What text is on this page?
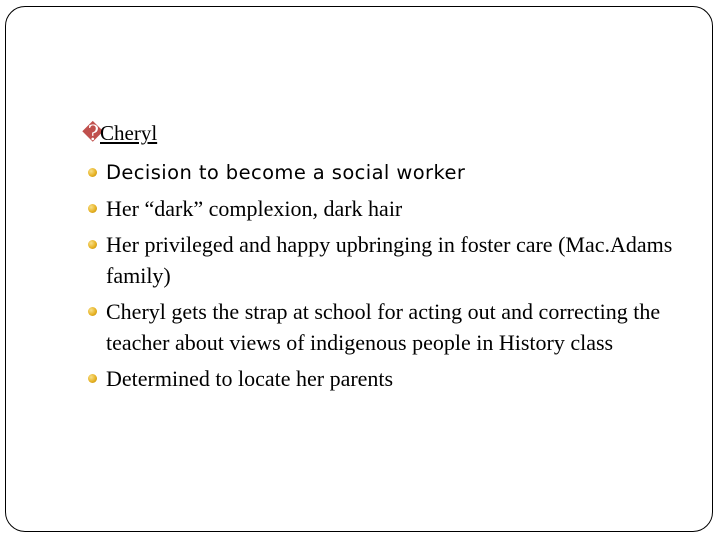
�Cheryl
Decision to become a social worker
Her “dark” complexion, dark hair
Her privileged and happy upbringing in foster care (Mac.Adams family)
Cheryl gets the strap at school for acting out and correcting the teacher about views of indigenous people in History class
Determined to locate her parents
